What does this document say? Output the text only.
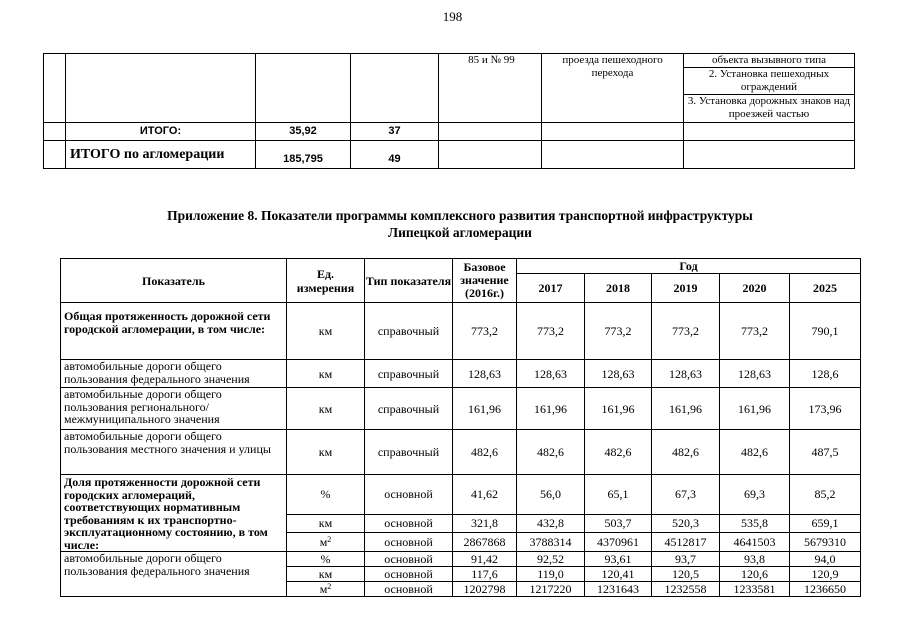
198
				85 и № 99	проезда пешеходного перехода	объекта вызывного типа
						2. Установка пешеходных ограждений
						3. Установка дорожных знаков над проезжей частью
	ИТОГО:	35,92	37			
	ИТОГО по агломерации	185,795	49			
Приложение 8. Показатели программы комплексного развития транспортной инфраструктуры
Липецкой агломерации
Показатель	Ед. измерения	Тип показателя	Базовое значение (2016г.)	Год				
				2017	2018	2019	2020	2025
Общая протяженность дорожной сети городской агломерации, в том числе:	км	справочный	773,2	773,2	773,2	773,2	773,2	790,1
автомобильные дороги общего пользования федерального значения	км	справочный	128,63	128,63	128,63	128,63	128,63	128,6
автомобильные дороги общего пользования регионального/ межмуниципального значения	км	справочный	161,96	161,96	161,96	161,96	161,96	173,96
автомобильные дороги общего пользования местного значения и улицы	км	справочный	482,6	482,6	482,6	482,6	482,6	487,5
Доля протяженности дорожной сети городских агломераций, соответствующих нормативным требованиям к их транспортно-эксплуатационному состоянию, в том числе:	%	основной	41,62	56,0	65,1	67,3	69,3	85,2
	км	основной	321,8	432,8	503,7	520,3	535,8	659,1
	$м^2$	основной	2867868	3788314	4370961	4512817	4641503	5679310
автомобильные дороги общего пользования федерального значения	%	основной	91,42	92,52	93,61	93,7	93,8	94,0
	км	основной	117,6	119,0	120,41	120,5	120,6	120,9
	$м^2$	основной	1202798	1217220	1231643	1232558	1233581	1236650
